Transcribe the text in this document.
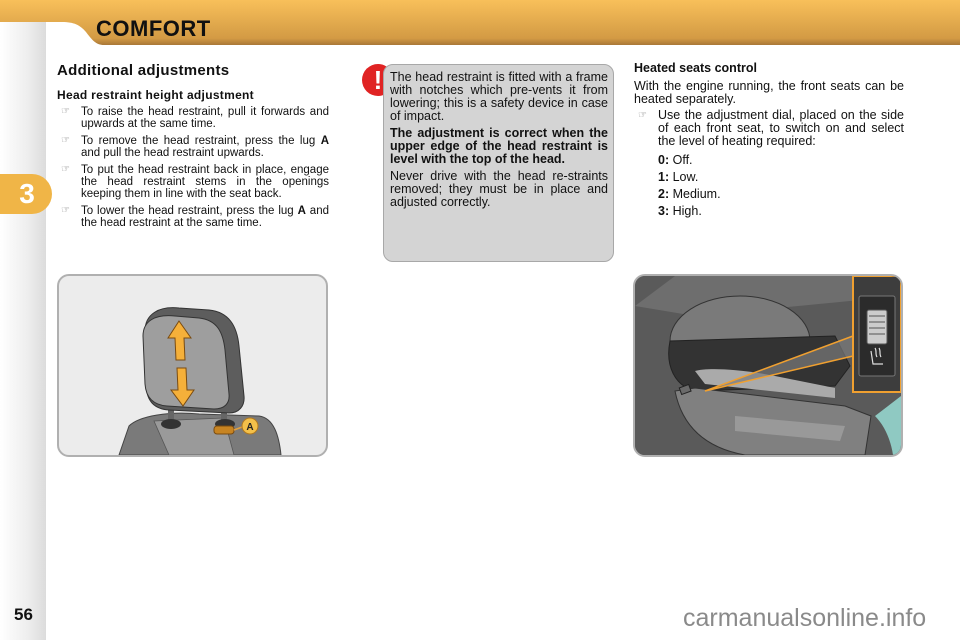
COMFORT
3
Additional adjustments
Head restraint height adjustment
☞ To raise the head restraint, pull it forwards and upwards at the same time.
☞ To remove the head restraint, press the lug A and pull the head restraint upwards.
☞ To put the head restraint back in place, engage the head restraint stems in the openings keeping them in line with the seat back.
☞ To lower the head restraint, press the lug A and the head restraint at the same time.
! The head restraint is fitted with a frame with notches which pre-vents it from lowering; this is a safety device in case of impact.

The adjustment is correct when the upper edge of the head restraint is level with the top of the head.

Never drive with the head re-straints removed; they must be in place and adjusted correctly.

Heated seats control

With the engine running, the front seats can be heated separately.

☞ Use the adjustment dial, placed on the side of each front seat, to switch on and select the level of heating required:
0: Off.
1: Low.
2: Medium.
3: High.
A
56	carmanualsonline.info
